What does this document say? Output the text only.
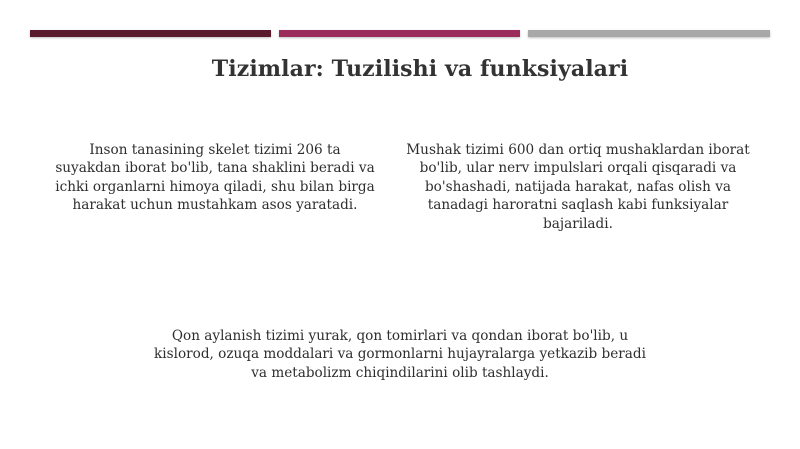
Tizimlar: Tuzilishi va funksiyalari
Inson tanasining skelet tizimi 206 ta suyakdan iborat bo'lib, tana shaklini beradi va ichki organlarni himoya qiladi, shu bilan birga harakat uchun mustahkam asos yaratadi.
Mushak tizimi 600 dan ortiq mushaklardan iborat bo'lib, ular nerv impulslari orqali qisqaradi va bo'shashadi, natijada harakat, nafas olish va tanadagi haroratni saqlash kabi funksiyalar bajariladi.
Qon aylanish tizimi yurak, qon tomirlari va qondan iborat bo'lib, u kislorod, ozuqa moddalari va gormonlarni hujayralarga yetkazib beradi va metabolizm chiqindilarini olib tashlaydi.
